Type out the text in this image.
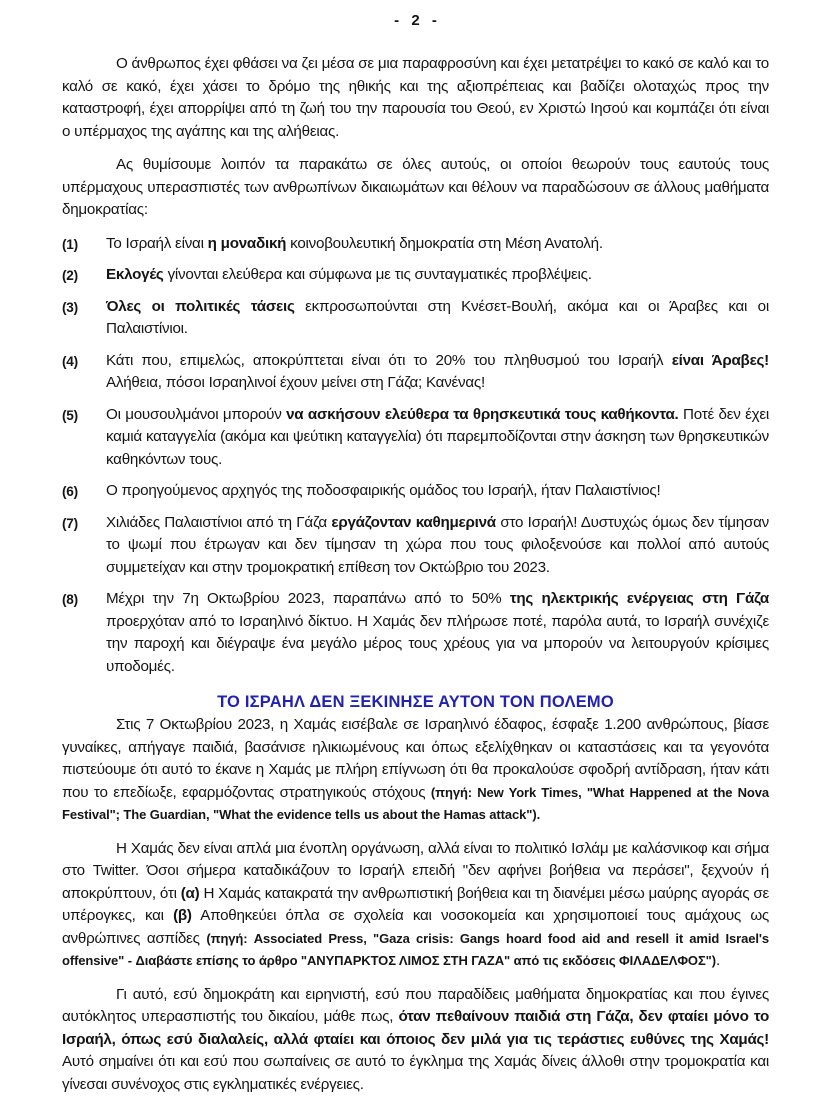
- 2 -

Ο άνθρωπος έχει φθάσει να ζει μέσα σε μια παραφροσύνη και έχει μετατρέψει το κακό σε καλό και το καλό σε κακό, έχει χάσει το δρόμο της ηθικής και της αξιοπρέπειας και βαδίζει ολοταχώς προς την καταστροφή, έχει απορρίψει από τη ζωή του την παρουσία του Θεού, εν Χριστώ Ιησού και κομπάζει ότι είναι ο υπέρμαχος της αγάπης και της αλήθειας.

Ας θυμίσουμε λοιπόν τα παρακάτω σε όλες αυτούς, οι οποίοι θεωρούν τους εαυτούς τους υπέρμαχους υπερασπιστές των ανθρωπίνων δικαιωμάτων και θέλουν να παραδώσουν σε άλλους μαθήματα δημοκρατίας:

(1) Το Ισραήλ είναι η μοναδική κοινοβουλευτική δημοκρατία στη Μέση Ανατολή.
(2) Εκλογές γίνονται ελεύθερα και σύμφωνα με τις συνταγματικές προβλέψεις.
(3) Όλες οι πολιτικές τάσεις εκπροσωπούνται στη Κνέσετ-Βουλή, ακόμα και οι Άραβες και οι Παλαιστίνιοι.
(4) Κάτι που, επιμελώς, αποκρύπτεται είναι ότι το 20% του πληθυσμού του Ισραήλ είναι Άραβες! Αλήθεια, πόσοι Ισραηλινοί έχουν μείνει στη Γάζα; Κανένας!
(5) Οι μουσουλμάνοι μπορούν να ασκήσουν ελεύθερα τα θρησκευτικά τους καθήκοντα. Ποτέ δεν έχει καμιά καταγγελία (ακόμα και ψεύτικη καταγγελία) ότι παρεμποδίζονται στην άσκηση των θρησκευτικών καθηκόντων τους.
(6) Ο προηγούμενος αρχηγός της ποδοσφαιρικής ομάδος του Ισραήλ, ήταν Παλαιστίνιος!
(7) Χιλιάδες Παλαιστίνιοι από τη Γάζα εργάζονταν καθημερινά στο Ισραήλ! Δυστυχώς όμως δεν τίμησαν το ψωμί που έτρωγαν και δεν τίμησαν τη χώρα που τους φιλοξενούσε και πολλοί από αυτούς συμμετείχαν και στην τρομοκρατική επίθεση τον Οκτώβριο του 2023.
(8) Μέχρι την 7η Οκτωβρίου 2023, παραπάνω από το 50% της ηλεκτρικής ενέργειας στη Γάζα προερχόταν από το Ισραηλινό δίκτυο. Η Χαμάς δεν πλήρωσε ποτέ, παρόλα αυτά, το Ισραήλ συνέχιζε την παροχή και διέγραψε ένα μεγάλο μέρος τους χρέους για να μπορούν να λειτουργούν κρίσιμες υποδομές.
ΤΟ ΙΣΡΑΗΛ ΔΕΝ ΞΕΚΙΝΗΣΕ ΑΥΤΟΝ ΤΟΝ ΠΟΛΕΜΟ

Στις 7 Οκτωβρίου 2023, η Χαμάς εισέβαλε σε Ισραηλινό έδαφος, έσφαξε 1.200 ανθρώπους, βίασε γυναίκες, απήγαγε παιδιά, βασάνισε ηλικιωμένους και όπως εξελίχθηκαν οι καταστάσεις και τα γεγονότα πιστεύουμε ότι αυτό το έκανε η Χαμάς με πλήρη επίγνωση ότι θα προκαλούσε σφοδρή αντίδραση, ήταν κάτι που το επεδίωξε, εφαρμόζοντας στρατηγικούς στόχους (πηγή: New York Times, "What Happened at the Nova Festival"; The Guardian, "What the evidence tells us about the Hamas attack").

Η Χαμάς δεν είναι απλά μια ένοπλη οργάνωση, αλλά είναι το πολιτικό Ισλάμ με καλάσνικοφ και σήμα στο Twitter. Όσοι σήμερα καταδικάζουν το Ισραήλ επειδή "δεν αφήνει βοήθεια να περάσει", ξεχνούν ή αποκρύπτουν, ότι (α) Η Χαμάς κατακρατά την ανθρωπιστική βοήθεια και τη διανέμει μέσω μαύρης αγοράς σε υπέρογκες, και (β) Αποθηκεύει όπλα σε σχολεία και νοσοκομεία και χρησιμοποιεί τους αμάχους ως ανθρώπινες ασπίδες (πηγή: Associated Press, "Gaza crisis: Gangs hoard food aid and resell it amid Israel's offensive" - Διαβάστε επίσης το άρθρο "ΑΝΥΠΑΡΚΤΟΣ ΛΙΜΟΣ ΣΤΗ ΓΑΖΑ" από τις εκδόσεις ΦΙΛΑΔΕΛΦΟΣ").

Γι αυτό, εσύ δημοκράτη και ειρηνιστή, εσύ που παραδίδεις μαθήματα δημοκρατίας και που έγινες αυτόκλητος υπερασπιστής του δικαίου, μάθε πως, όταν πεθαίνουν παιδιά στη Γάζα, δεν φταίει μόνο το Ισραήλ, όπως εσύ διαλαλείς, αλλά φταίει και όποιος δεν μιλά για τις τεράστιες ευθύνες της Χαμάς! Αυτό σημαίνει ότι και εσύ που σωπαίνεις σε αυτό το έγκλημα της Χαμάς δίνεις άλλοθι στην τρομοκρατία και γίνεσαι συνένοχος στις εγκληματικές ενέργειες.
